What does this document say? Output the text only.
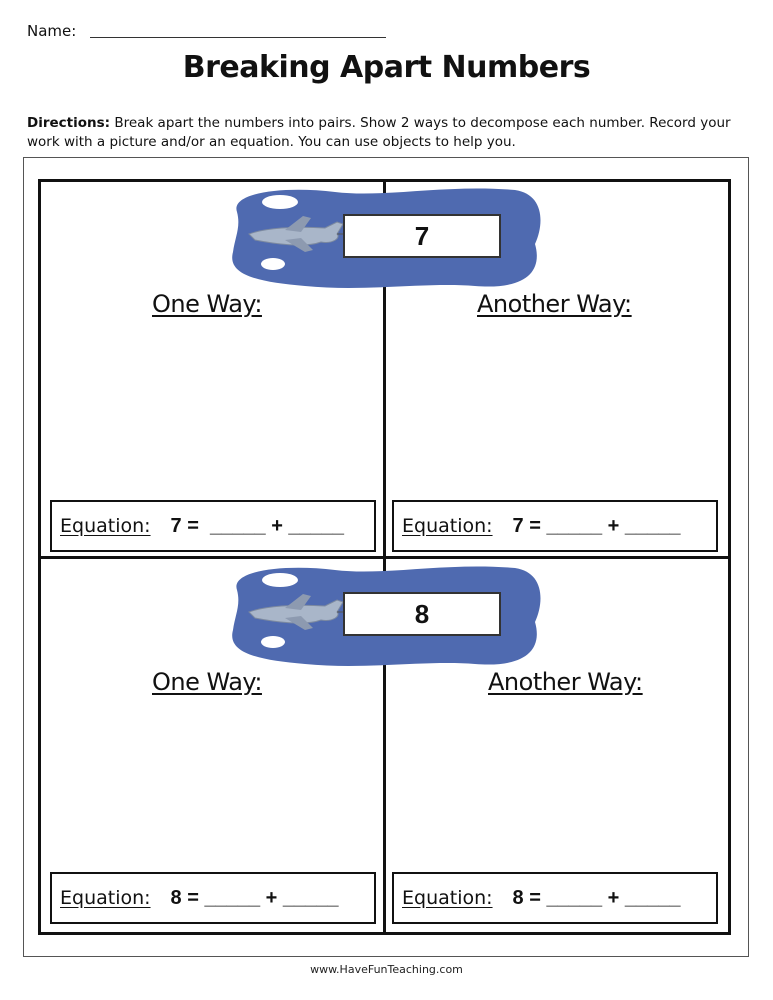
Name:
Breaking Apart Numbers
Directions: Break apart the numbers into pairs. Show 2 ways to decompose each number. Record your work with a picture and/or an equation. You can use objects to help you.
7
One Way:	Another Way:
Equation: 7 =  _____ + _____	Equation: 7 = _____ + _____
8
One Way:	Another Way:
Equation: 8 = _____ + _____	Equation: 8 = _____ + _____
www.HaveFunTeaching.com
